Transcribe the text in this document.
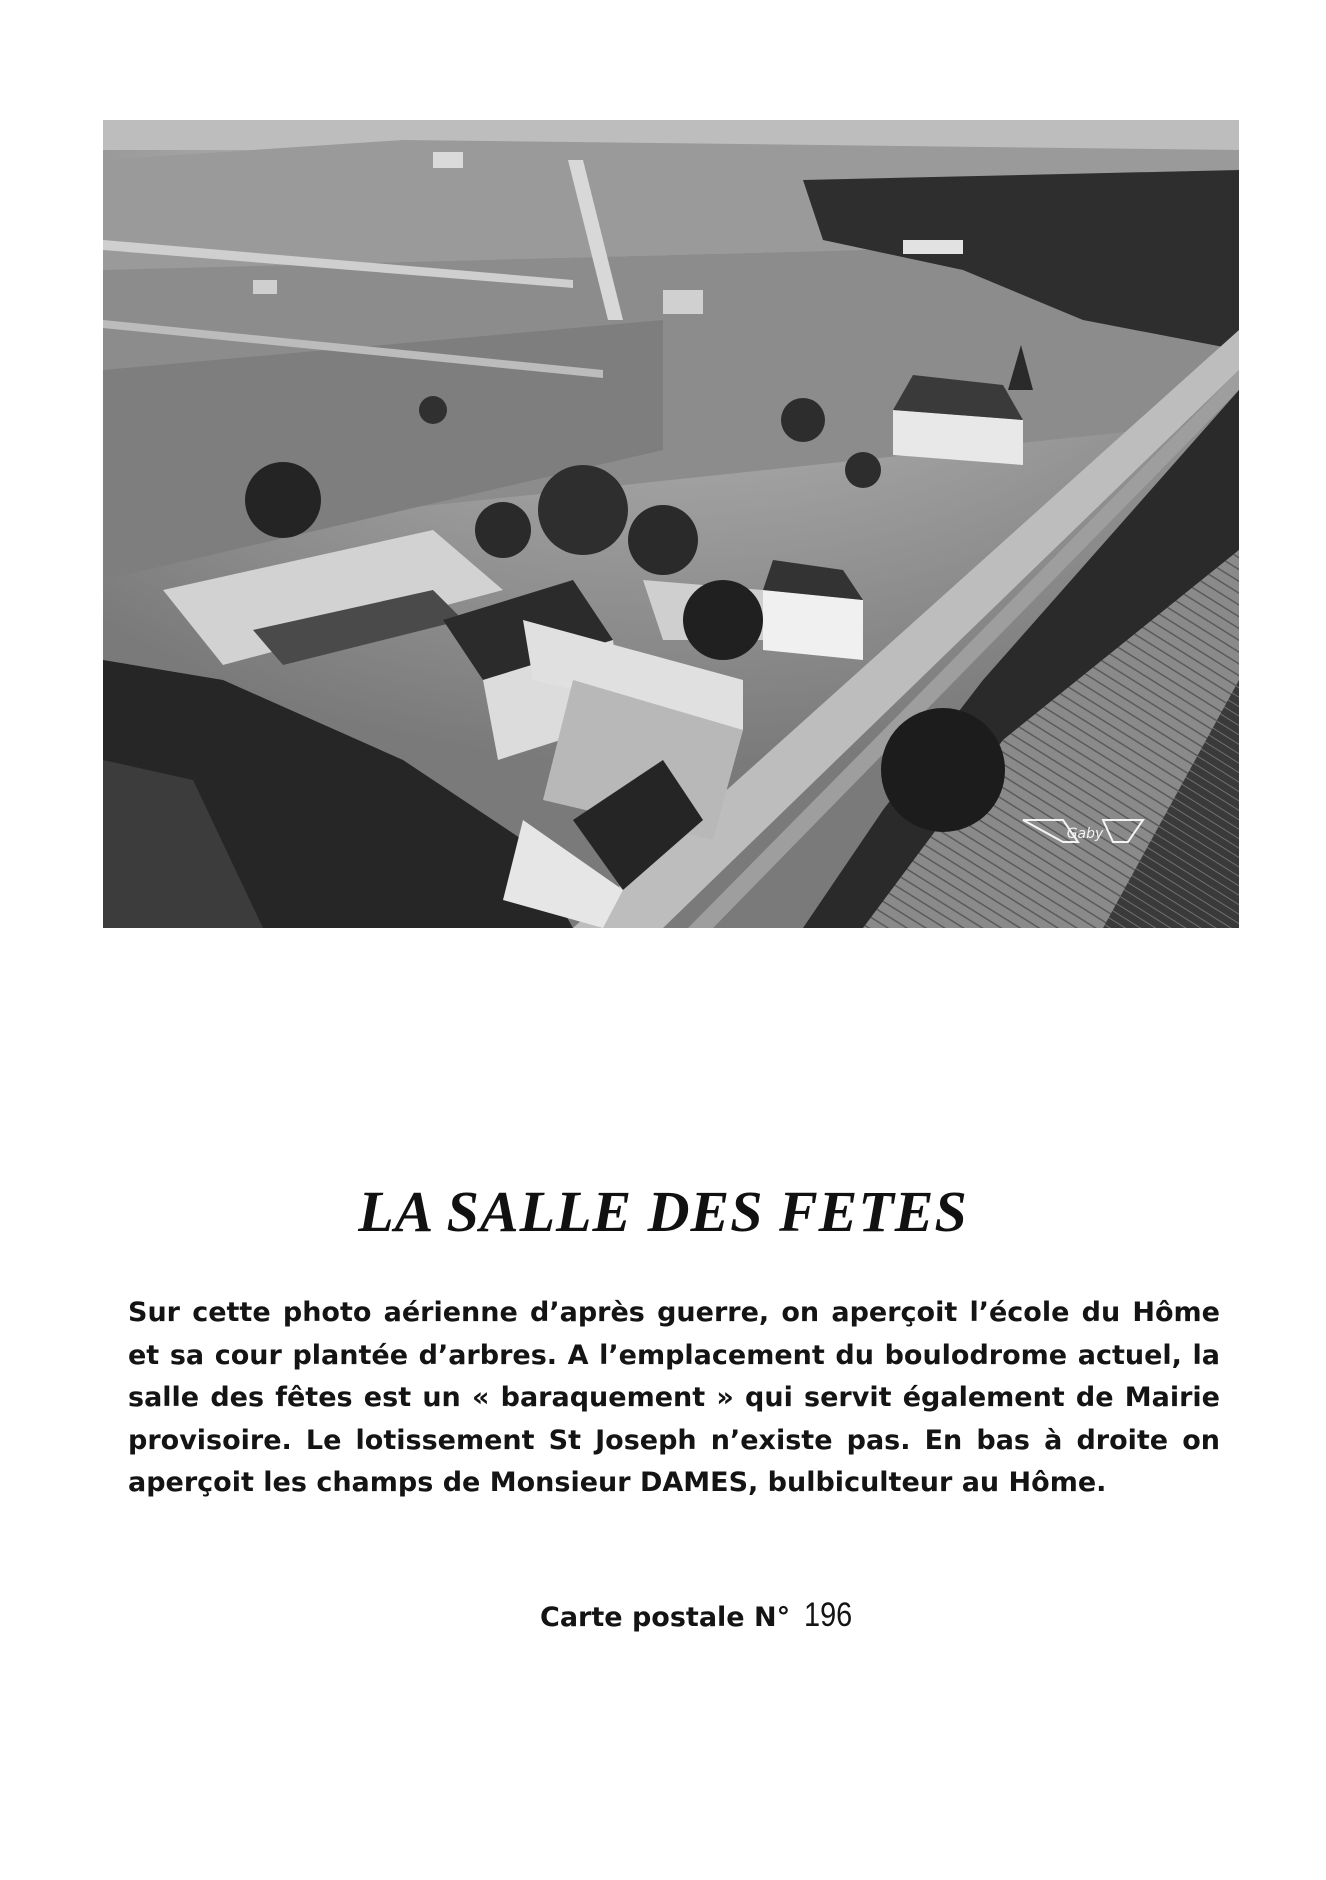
Gaby
LA SALLE DES FETES

Sur cette photo aérienne d’après guerre, on aperçoit l’école du Hôme et sa cour plantée d’arbres. A l’emplacement du boulodrome actuel, la salle des fêtes est un « baraquement » qui servit également de Mairie provisoire. Le lotissement St Joseph n’existe pas. En bas à droite on aperçoit les champs de Monsieur DAMES, bulbiculteur au Hôme.

Carte postale N° 196
